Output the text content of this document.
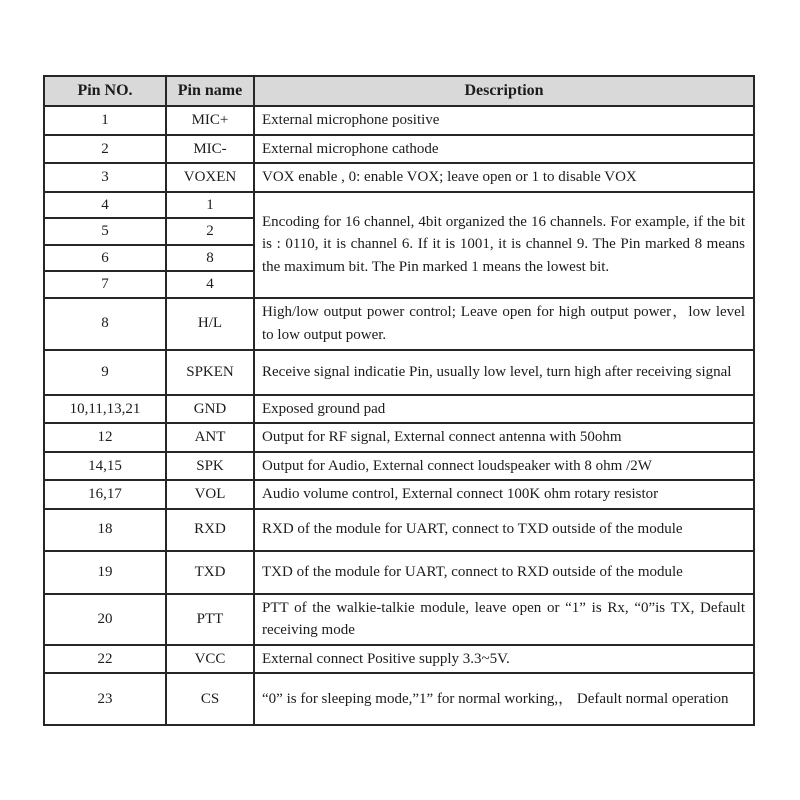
Pin NO.	Pin name	Description
1	MIC+	External microphone positive
2	MIC-	External microphone cathode
3	VOXEN	VOX enable , 0: enable VOX; leave open or 1 to disable VOX
4	1	Encoding for 16 channel, 4bit organized the 16 channels. For example, if the bit is : 0110, it is channel 6. If it is 1001, it is channel 9. The Pin marked 8 means the maximum bit. The Pin marked 1 means the lowest bit.
5	2	
6	8	
7	4	
8	H/L	High/low output power control; Leave open for high output power，low level to low output power.
9	SPKEN	Receive signal indicatie Pin, usually low level, turn high after receiving signal
10,11,13,21	GND	Exposed ground pad
12	ANT	Output for RF signal, External connect antenna with 50ohm
14,15	SPK	Output for Audio, External connect loudspeaker with 8 ohm /2W
16,17	VOL	Audio volume control, External connect 100K ohm rotary resistor
18	RXD	RXD of the module for UART, connect to TXD outside of the module
19	TXD	TXD of the module for UART, connect to RXD outside of the module
20	PTT	PTT of the walkie-talkie module, leave open or “1” is Rx, “0”is TX, Default receiving mode
22	VCC	External connect Positive supply 3.3~5V.
23	CS	“0” is for sleeping mode,”1” for normal working,， Default normal operation
